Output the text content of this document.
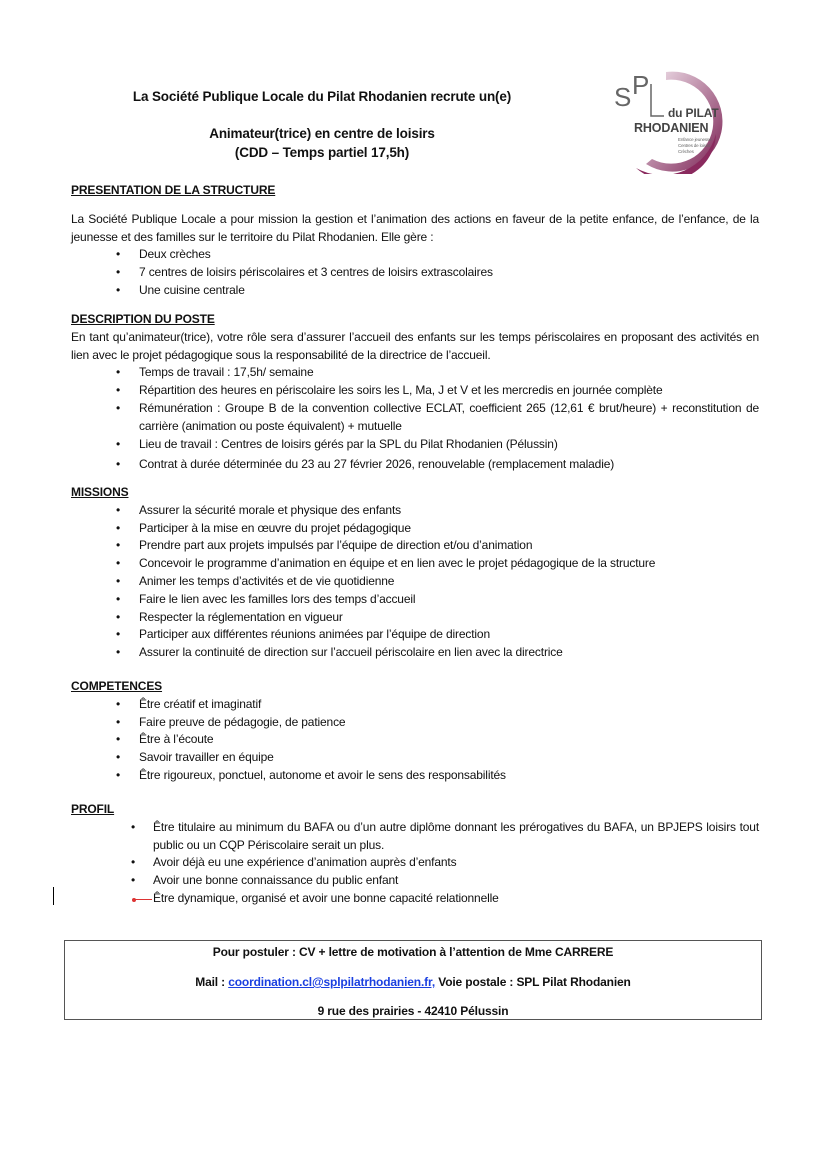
La Société Publique Locale du Pilat Rhodanien recrute un(e)
Animateur(trice) en centre de loisirs
(CDD – Temps partiel 17,5h)
S P
du PILAT
RHODANIEN
Enfance jeunesse
Centres de loisirs
Crèches
PRESENTATION DE LA STRUCTURE
La Société Publique Locale a pour mission la gestion et l’animation des actions en faveur de la petite enfance, de l’enfance, de la jeunesse et des familles sur le territoire du Pilat Rhodanien. Elle gère :
• Deux crèches
• 7 centres de loisirs périscolaires et 3 centres de loisirs extrascolaires
• Une cuisine centrale
DESCRIPTION DU POSTE
En tant qu’animateur(trice), votre rôle sera d’assurer l’accueil des enfants sur les temps périscolaires en proposant des activités en lien avec le projet pédagogique sous la responsabilité de la directrice de l’accueil.
• Temps de travail : 17,5h/ semaine
• Répartition des heures en périscolaire les soirs les L, Ma, J et V et les mercredis en journée complète
• Rémunération : Groupe B de la convention collective ECLAT, coefficient 265 (12,61 € brut/heure) + reconstitution de carrière (animation ou poste équivalent) + mutuelle
• Lieu de travail : Centres de loisirs gérés par la SPL du Pilat Rhodanien (Pélussin)
• Contrat à durée déterminée du 23 au 27 février 2026, renouvelable (remplacement maladie)
MISSIONS
• Assurer la sécurité morale et physique des enfants
• Participer à la mise en œuvre du projet pédagogique
• Prendre part aux projets impulsés par l’équipe de direction et/ou d’animation
• Concevoir le programme d’animation en équipe et en lien avec le projet pédagogique de la structure
• Animer les temps d’activités et de vie quotidienne
• Faire le lien avec les familles lors des temps d’accueil
• Respecter la réglementation en vigueur
• Participer aux différentes réunions animées par l’équipe de direction
• Assurer la continuité de direction sur l’accueil périscolaire en lien avec la directrice
COMPETENCES
• Être créatif et imaginatif
• Faire preuve de pédagogie, de patience
• Être à l’écoute
• Savoir travailler en équipe
• Être rigoureux, ponctuel, autonome et avoir le sens des responsabilités
PROFIL
• Être titulaire au minimum du BAFA ou d’un autre diplôme donnant les prérogatives du BAFA, un BPJEPS loisirs tout public ou un CQP Périscolaire serait un plus.
• Avoir déjà eu une expérience d’animation auprès d’enfants
• Avoir une bonne connaissance du public enfant
Être dynamique, organisé et avoir une bonne capacité relationnelle
Pour postuler : CV + lettre de motivation à l’attention de Mme CARRERE
Mail : coordination.cl@splpilatrhodanien.fr, Voie postale : SPL Pilat Rhodanien
9 rue des prairies - 42410 Pélussin
